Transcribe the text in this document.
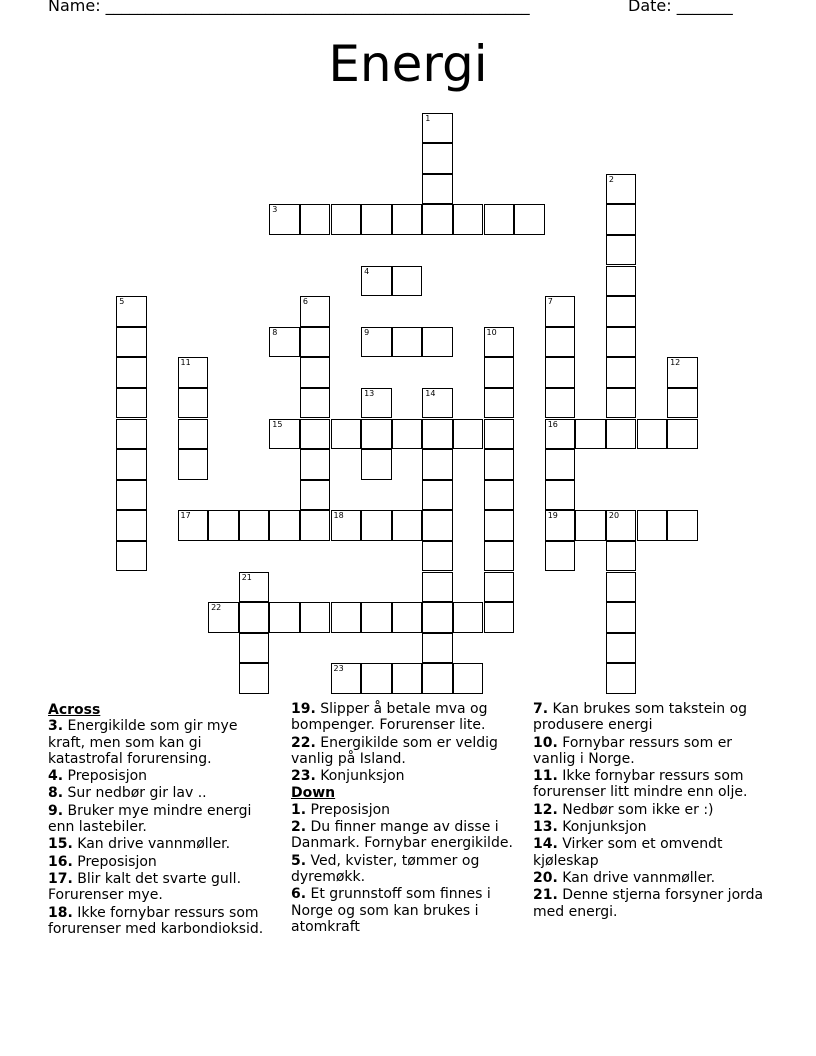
Name: _____________________________________________________	Date: _______
Energi
1
2
3
4
5	6	7
16
19
8	9	10
11	12
13	14
15
17	18	20
21
22
23
Across
3. Energikilde som gir mye kraft, men som kan gi katastrofal forurensing.
4. Preposisjon
8. Sur nedbør gir lav ..
9. Bruker mye mindre energi enn lastebiler.
15. Kan drive vannmøller.
16. Preposisjon
17. Blir kalt det svarte gull. Forurenser mye.
18. Ikke fornybar ressurs som forurenser med karbondioksid.
19. Slipper å betale mva og bompenger. Forurenser lite.
22. Energikilde som er veldig vanlig på Island.
23. Konjunksjon
Down
1. Preposisjon
2. Du finner mange av disse i Danmark. Fornybar energikilde.
5. Ved, kvister, tømmer og dyremøkk.
6. Et grunnstoff som finnes i Norge og som kan brukes i atomkraft
7. Kan brukes som takstein og produsere energi
10. Fornybar ressurs som er vanlig i Norge.
11. Ikke fornybar ressurs som forurenser litt mindre enn olje.
12. Nedbør som ikke er :)
13. Konjunksjon
14. Virker som et omvendt kjøleskap
20. Kan drive vannmøller.
21. Denne stjerna forsyner jorda med energi.
